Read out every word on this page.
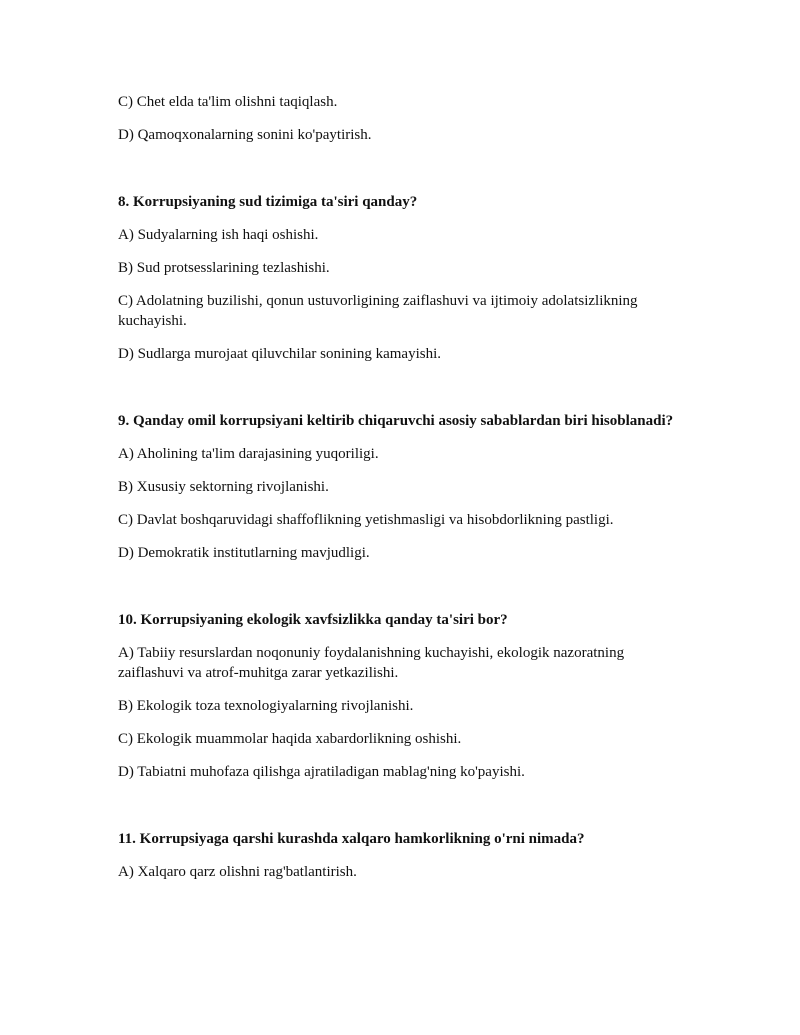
C) Chet elda ta'lim olishni taqiqlash.

D) Qamoqxonalarning sonini ko'paytirish.

8. Korrupsiyaning sud tizimiga ta'siri qanday?

A) Sudyalarning ish haqi oshishi.

B) Sud protsesslarining tezlashishi.

C) Adolatning buzilishi, qonun ustuvorligining zaiflashuvi va ijtimoiy adolatsizlikning kuchayishi.

D) Sudlarga murojaat qiluvchilar sonining kamayishi.

9. Qanday omil korrupsiyani keltirib chiqaruvchi asosiy sabablardan biri hisoblanadi?

A) Aholining ta'lim darajasining yuqoriligi.

B) Xususiy sektorning rivojlanishi.

C) Davlat boshqaruvidagi shaffoflikning yetishmasligi va hisobdorlikning pastligi.

D) Demokratik institutlarning mavjudligi.

10. Korrupsiyaning ekologik xavfsizlikka qanday ta'siri bor?

A) Tabiiy resurslardan noqonuniy foydalanishning kuchayishi, ekologik nazoratning zaiflashuvi va atrof-muhitga zarar yetkazilishi.

B) Ekologik toza texnologiyalarning rivojlanishi.

C) Ekologik muammolar haqida xabardorlikning oshishi.

D) Tabiatni muhofaza qilishga ajratiladigan mablag'ning ko'payishi.

11. Korrupsiyaga qarshi kurashda xalqaro hamkorlikning o'rni nimada?

A) Xalqaro qarz olishni rag'batlantirish.
